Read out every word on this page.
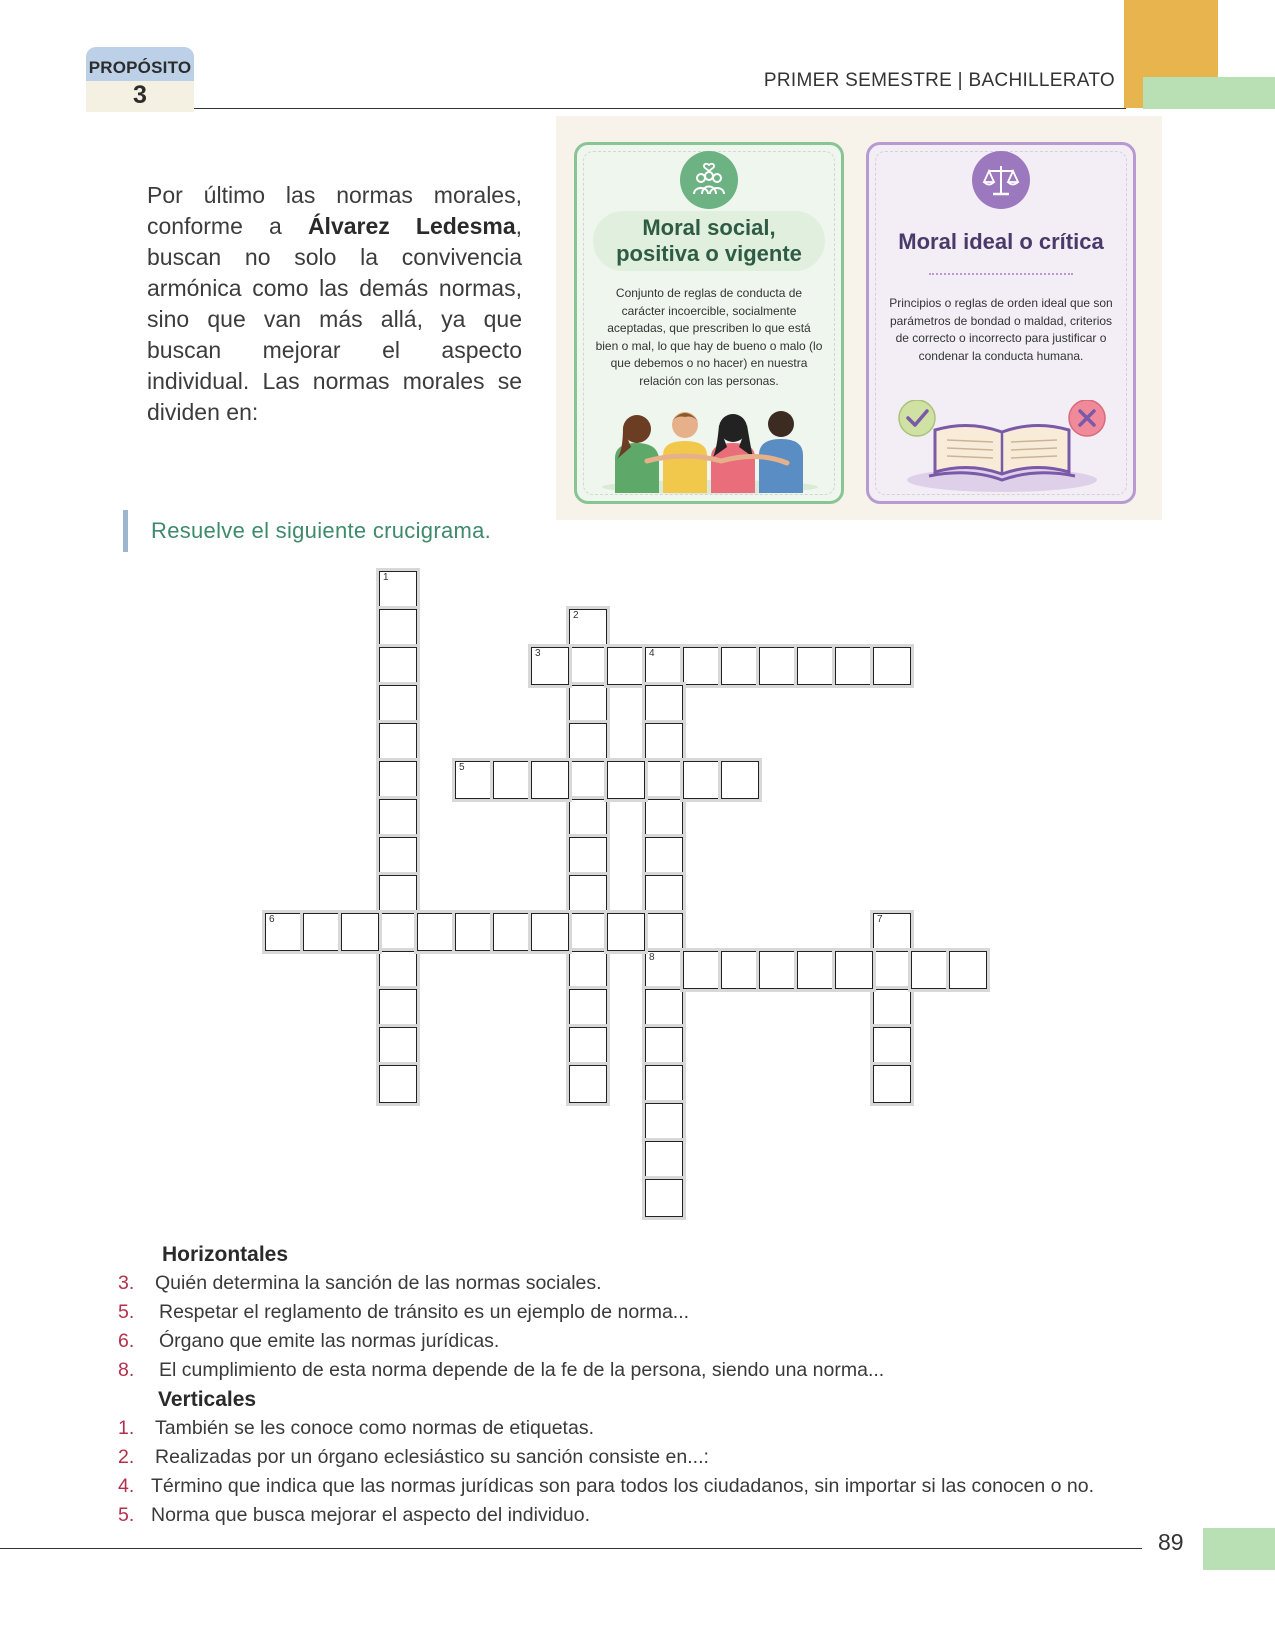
PROPÓSITO
3
PRIMER SEMESTRE | BACHILLERATO
Por último las normas morales, conforme a Álvarez Ledesma, buscan no solo la convivencia armónica como las demás normas, sino que van más allá, ya que buscan mejorar el aspecto individual. Las normas morales se dividen en:
Moral social,
positiva o vigente
Conjunto de reglas de conducta de carácter incoercible, socialmente aceptadas, que prescriben lo que está bien o mal, lo que hay de bueno o malo (lo que debemos o no hacer) en nuestra relación con las personas.
Moral ideal o crítica
Principios o reglas de orden ideal que son parámetros de bondad o maldad, criterios de correcto o incorrecto para justificar o condenar la conducta humana.
Resuelve el siguiente crucigrama.
1
2
3	4
8
5
6	7
Horizontales
3. Quién determina la sanción de las normas sociales.
5. Respetar el reglamento de tránsito es un ejemplo de norma...
6. Órgano que emite las normas jurídicas.
8. El cumplimiento de esta norma depende de la fe de la persona, siendo una norma...
Verticales
1. También se les conoce como normas de etiquetas.
2. Realizadas por un órgano eclesiástico su sanción consiste en...:
4. Término que indica que las normas jurídicas son para todos los ciudadanos, sin importar si las conocen o no.
5. Norma que busca mejorar el aspecto del individuo.
89
